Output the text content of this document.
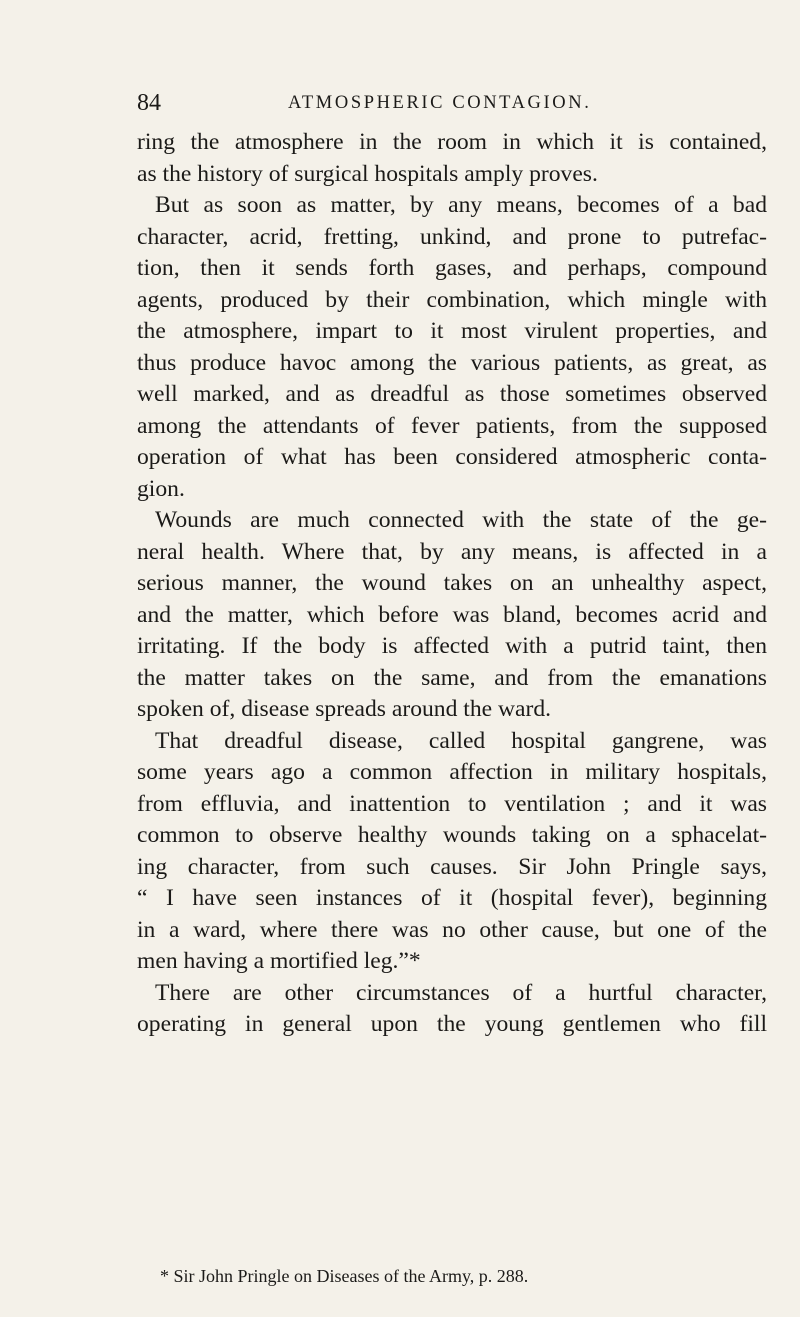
84	ATMOSPHERIC CONTAGION.
ring the atmosphere in the room in which it is contained,
as the history of surgical hospitals amply proves.
But as soon as matter, by any means, becomes of a bad
character, acrid, fretting, unkind, and prone to putrefac-
tion, then it sends forth gases, and perhaps, compound
agents, produced by their combination, which mingle with
the atmosphere, impart to it most virulent properties, and
thus produce havoc among the various patients, as great, as
well marked, and as dreadful as those sometimes observed
among the attendants of fever patients, from the supposed
operation of what has been considered atmospheric conta-
gion.
Wounds are much connected with the state of the ge-
neral health. Where that, by any means, is affected in a
serious manner, the wound takes on an unhealthy aspect,
and the matter, which before was bland, becomes acrid and
irritating. If the body is affected with a putrid taint, then
the matter takes on the same, and from the emanations
spoken of, disease spreads around the ward.
That dreadful disease, called hospital gangrene, was
some years ago a common affection in military hospitals,
from effluvia, and inattention to ventilation ; and it was
common to observe healthy wounds taking on a sphacelat-
ing character, from such causes. Sir John Pringle says,
“ I have seen instances of it (hospital fever), beginning
in a ward, where there was no other cause, but one of the
men having a mortified leg.”*
There are other circumstances of a hurtful character,
operating in general upon the young gentlemen who fill
* Sir John Pringle on Diseases of the Army, p. 288.
